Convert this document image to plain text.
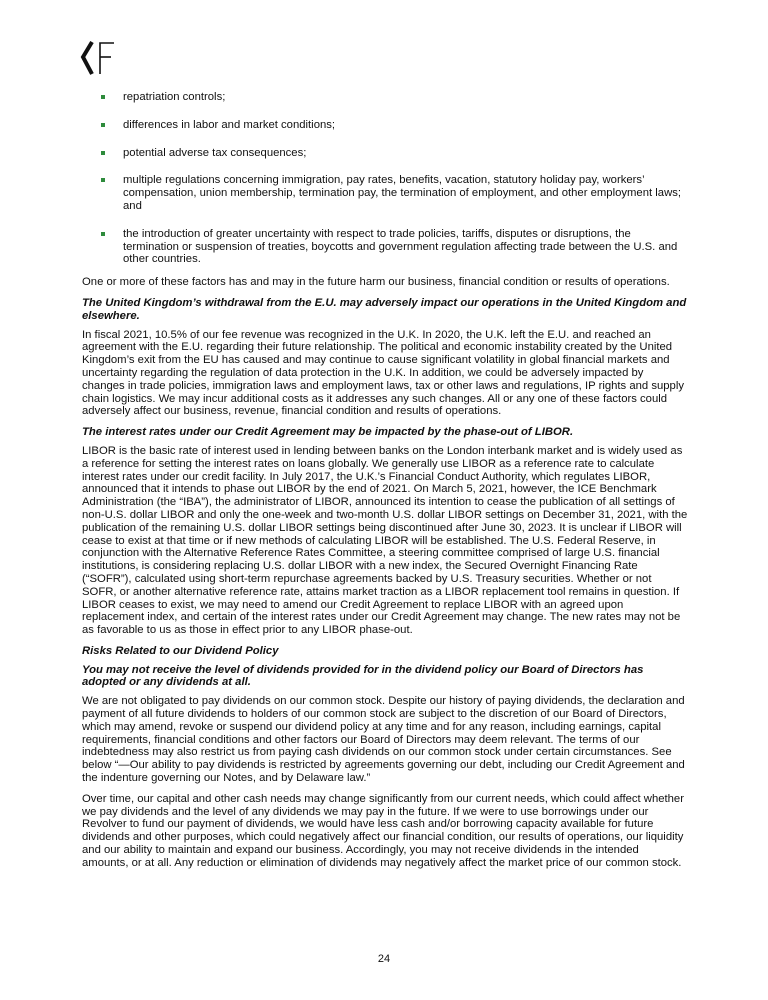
repatriation controls;
differences in labor and market conditions;
potential adverse tax consequences;
multiple regulations concerning immigration, pay rates, benefits, vacation, statutory holiday pay, workers’ compensation, union membership, termination pay, the termination of employment, and other employment laws; and
the introduction of greater uncertainty with respect to trade policies, tariffs, disputes or disruptions, the termination or suspension of treaties, boycotts and government regulation affecting trade between the U.S. and other countries.

One or more of these factors has and may in the future harm our business, financial condition or results of operations.

The United Kingdom’s withdrawal from the E.U. may adversely impact our operations in the United Kingdom and elsewhere.

In fiscal 2021, 10.5% of our fee revenue was recognized in the U.K. In 2020, the U.K. left the E.U. and reached an agreement with the E.U. regarding their future relationship. The political and economic instability created by the United Kingdom’s exit from the EU has caused and may continue to cause significant volatility in global financial markets and uncertainty regarding the regulation of data protection in the U.K. In addition, we could be adversely impacted by changes in trade policies, immigration laws and employment laws, tax or other laws and regulations, IP rights and supply chain logistics. We may incur additional costs as it addresses any such changes. All or any one of these factors could adversely affect our business, revenue, financial condition and results of operations.

The interest rates under our Credit Agreement may be impacted by the phase-out of LIBOR.

LIBOR is the basic rate of interest used in lending between banks on the London interbank market and is widely used as a reference for setting the interest rates on loans globally. We generally use LIBOR as a reference rate to calculate interest rates under our credit facility. In July 2017, the U.K.’s Financial Conduct Authority, which regulates LIBOR, announced that it intends to phase out LIBOR by the end of 2021. On March 5, 2021, however, the ICE Benchmark Administration (the “IBA”), the administrator of LIBOR, announced its intention to cease the publication of all settings of non-U.S. dollar LIBOR and only the one-week and two-month U.S. dollar LIBOR settings on December 31, 2021, with the publication of the remaining U.S. dollar LIBOR settings being discontinued after June 30, 2023. It is unclear if LIBOR will cease to exist at that time or if new methods of calculating LIBOR will be established. The U.S. Federal Reserve, in conjunction with the Alternative Reference Rates Committee, a steering committee comprised of large U.S. financial institutions, is considering replacing U.S. dollar LIBOR with a new index, the Secured Overnight Financing Rate (“SOFR”), calculated using short-term repurchase agreements backed by U.S. Treasury securities. Whether or not SOFR, or another alternative reference rate, attains market traction as a LIBOR replacement tool remains in question. If LIBOR ceases to exist, we may need to amend our Credit Agreement to replace LIBOR with an agreed upon replacement index, and certain of the interest rates under our Credit Agreement may change. The new rates may not be as favorable to us as those in effect prior to any LIBOR phase-out.

Risks Related to our Dividend Policy

You may not receive the level of dividends provided for in the dividend policy our Board of Directors has adopted or any dividends at all.

We are not obligated to pay dividends on our common stock. Despite our history of paying dividends, the declaration and payment of all future dividends to holders of our common stock are subject to the discretion of our Board of Directors, which may amend, revoke or suspend our dividend policy at any time and for any reason, including earnings, capital requirements, financial conditions and other factors our Board of Directors may deem relevant. The terms of our indebtedness may also restrict us from paying cash dividends on our common stock under certain circumstances. See below “—Our ability to pay dividends is restricted by agreements governing our debt, including our Credit Agreement and the indenture governing our Notes, and by Delaware law.”

Over time, our capital and other cash needs may change significantly from our current needs, which could affect whether we pay dividends and the level of any dividends we may pay in the future. If we were to use borrowings under our Revolver to fund our payment of dividends, we would have less cash and/or borrowing capacity available for future dividends and other purposes, which could negatively affect our financial condition, our results of operations, our liquidity and our ability to maintain and expand our business. Accordingly, you may not receive dividends in the intended amounts, or at all. Any reduction or elimination of dividends may negatively affect the market price of our common stock.

24
